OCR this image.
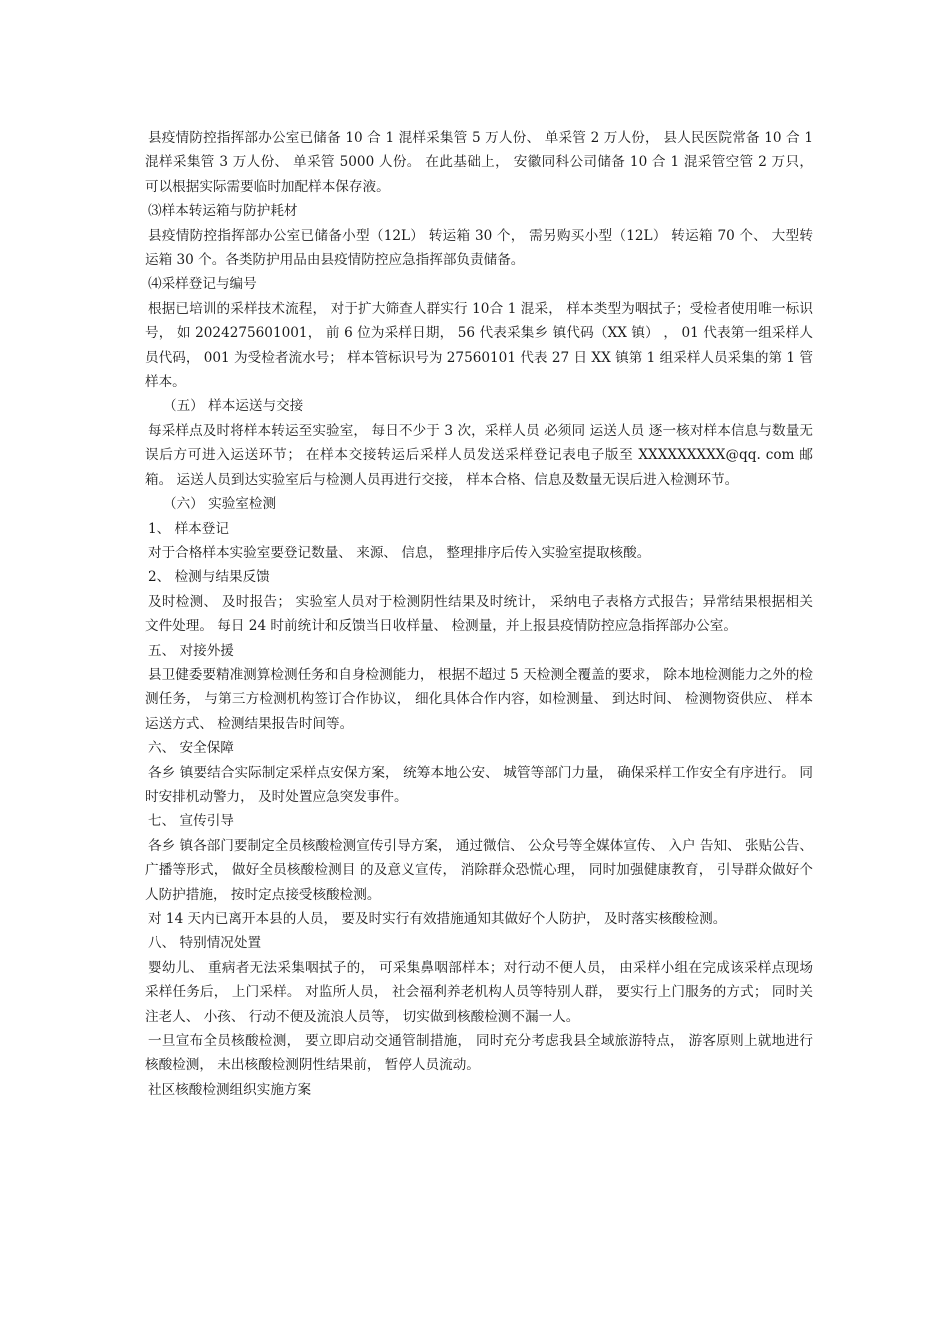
县疫情防控指挥部办公室已储备 10 合 1 混样采集管 5 万人份、 单采管 2 万人份， 县人民医院常备 10 合 1 混样采集管 3 万人份、 单采管 5000 人份。 在此基础上， 安徽同科公司储备 10 合 1 混采管空管 2 万只， 可以根据实际需要临时加配样本保存液。

⑶样本转运箱与防护耗材

县疫情防控指挥部办公室已储备小型（12L） 转运箱 30 个， 需另购买小型（12L） 转运箱 70 个、 大型转运箱 30 个。各类防护用品由县疫情防控应急指挥部负责储备。

⑷采样登记与编号

根据已培训的采样技术流程， 对于扩大筛查人群实行 10合 1 混采， 样本类型为咽拭子；受检者使用唯一标识号， 如 2024275601001， 前 6 位为采样日期， 56 代表采集乡 镇代码（XX 镇） ， 01 代表第一组采样人员代码， 001 为受检者流水号； 样本管标识号为 27560101 代表 27 日 XX 镇第 1 组采样人员采集的第 1 管样本。

（五） 样本运送与交接

每采样点及时将样本转运至实验室， 每日不少于 3 次，采样人员 必须同 运送人员 逐一核对样本信息与数量无误后方可进入运送环节； 在样本交接转运后采样人员发送采样登记表电子版至 XXXXXXXXX@qq. com 邮箱。 运送人员到达实验室后与检测人员再进行交接， 样本合格、信息及数量无误后进入检测环节。

（六） 实验室检测

1、 样本登记

对于合格样本实验室要登记数量、 来源、 信息， 整理排序后传入实验室提取核酸。

2、 检测与结果反馈

及时检测、 及时报告； 实验室人员对于检测阴性结果及时统计， 采纳电子表格方式报告；异常结果根据相关文件处理。 每日 24 时前统计和反馈当日收样量、 检测量，并上报县疫情防控应急指挥部办公室。

五、 对接外援

县卫健委要精准测算检测任务和自身检测能力， 根据不超过 5 天检测全覆盖的要求， 除本地检测能力之外的检测任务， 与第三方检测机构签订合作协议， 细化具体合作内容，如检测量、 到达时间、 检测物资供应、 样本运送方式、 检测结果报告时间等。

六、 安全保障

各乡 镇要结合实际制定采样点安保方案， 统筹本地公安、 城管等部门力量， 确保采样工作安全有序进行。 同时安排机动警力， 及时处置应急突发事件。

七、 宣传引导

各乡 镇各部门要制定全员核酸检测宣传引导方案， 通过微信、 公众号等全媒体宣传、 入户 告知、 张贴公告、 广播等形式， 做好全员核酸检测目 的及意义宣传， 消除群众恐慌心理， 同时加强健康教育， 引导群众做好个人防护措施， 按时定点接受核酸检测。

对 14 天内已离开本县的人员， 要及时实行有效措施通知其做好个人防护， 及时落实核酸检测。

八、 特别情况处置

婴幼儿、 重病者无法采集咽拭子的， 可采集鼻咽部样本；对行动不便人员， 由采样小组在完成该采样点现场采样任务后， 上门采样。 对监所人员， 社会福利养老机构人员等特别人群， 要实行上门服务的方式； 同时关注老人、 小孩、 行动不便及流浪人员等， 切实做到核酸检测不漏一人。

一旦宣布全员核酸检测， 要立即启动交通管制措施， 同时充分考虑我县全域旅游特点， 游客原则上就地进行核酸检测， 未出核酸检测阴性结果前， 暂停人员流动。

社区核酸检测组织实施方案
